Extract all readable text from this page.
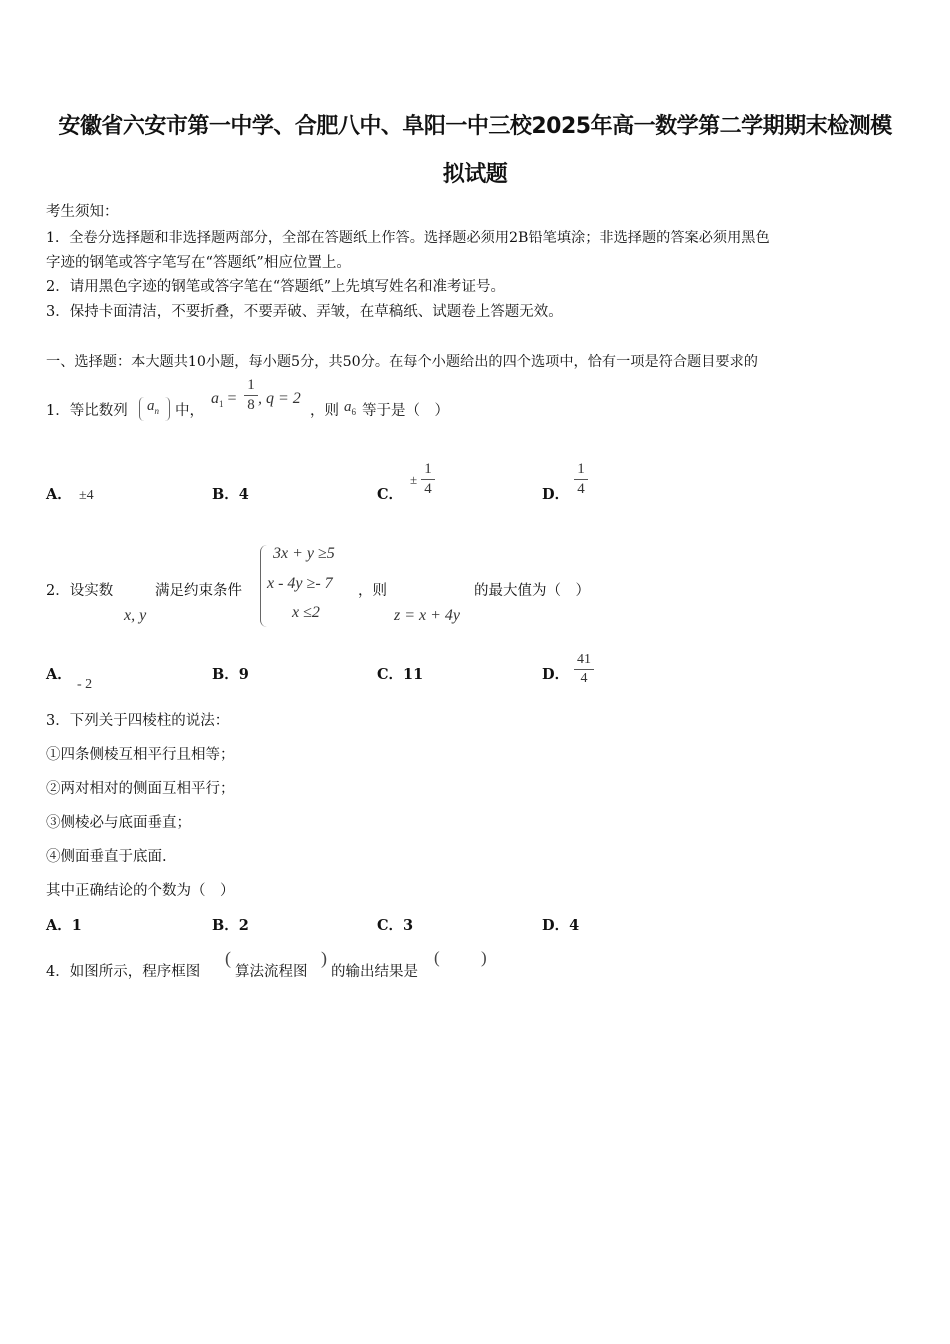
安徽省六安市第一中学、合肥八中、阜阳一中三校2025年高一数学第二学期期末检测模
拟试题
考生须知：
1．全卷分选择题和非选择题两部分，全部在答题纸上作答。选择题必须用2B铅笔填涂；非选择题的答案必须用黑色
字迹的钢笔或答字笔写在“答题纸”相应位置上。
2．请用黑色字迹的钢笔或答字笔在“答题纸”上先填写姓名和准考证号。
3．保持卡面清洁，不要折叠，不要弄破、弄皱，在草稿纸、试题卷上答题无效。
一、选择题：本大题共10小题，每小题5分，共50分。在每个小题给出的四个选项中，恰有一项是符合题目要求的
1．等比数列 $a_n$ 中，
$a_1$ =
1
8 , q = 2
，则 $a_6$ 等于是（　）
A． ±4	B．4	C．
±
1
4	D．
1
4
2．设实数
x, y
满足约束条件
3x + y ≥5
x - 4y ≥- 7
x ≤2
，则
z = x + 4y
的最大值为（　）
A．
- 2
B．9	C．11	D．
41
4
3．下列关于四棱柱的说法：
①四条侧棱互相平行且相等；
②两对相对的侧面互相平行；
③侧棱必与底面垂直；
④侧面垂直于底面.
其中正确结论的个数为（　）
A．1	B．2	C．3	D．4
4．如图所示，程序框图
(
算法流程图
)
的输出结果是
( )
